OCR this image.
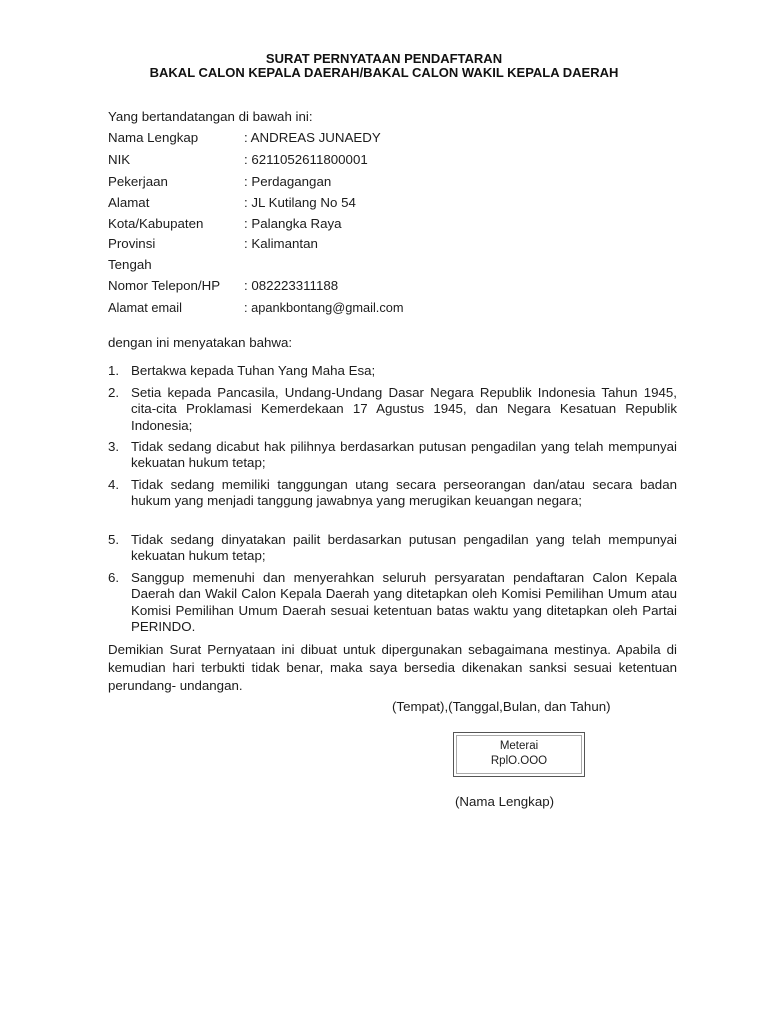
SURAT PERNYATAAN PENDAFTARAN
BAKAL CALON KEPALA DAERAH/BAKAL CALON WAKIL KEPALA DAERAH
Yang bertandatangan di bawah ini:
Nama Lengkap	: ANDREAS JUNAEDY
NIK	: 6211052611800001
Pekerjaan	: Perdagangan
Alamat	: JL Kutilang No 54
Kota/Kabupaten	: Palangka Raya
Provinsi	: Kalimantan
Tengah
Nomor Telepon/HP : 082223311188
Alamat email	: apankbontang@gmail.com
dengan ini menyatakan bahwa:
1. Bertakwa kepada Tuhan Yang Maha Esa;
2. Setia kepada Pancasila, Undang-Undang Dasar Negara Republik Indonesia Tahun 1945, cita-cita Proklamasi Kemerdekaan 17 Agustus 1945, dan Negara Kesatuan Republik Indonesia;
3. Tidak sedang dicabut hak pilihnya berdasarkan putusan pengadilan yang telah mempunyai kekuatan hukum tetap;
4. Tidak sedang memiliki tanggungan utang secara perseorangan dan/atau secara badan hukum yang menjadi tanggung jawabnya yang merugikan keuangan negara;
5. Tidak sedang dinyatakan pailit berdasarkan putusan pengadilan yang telah mempunyai kekuatan hukum tetap;
6. Sanggup memenuhi dan menyerahkan seluruh persyaratan pendaftaran Calon Kepala Daerah dan Wakil Calon Kepala Daerah yang ditetapkan oleh Komisi Pemilihan Umum atau Komisi Pemilihan Umum Daerah sesuai ketentuan batas waktu yang ditetapkan oleh Partai PERINDO.
Demikian Surat Pernyataan ini dibuat untuk dipergunakan sebagaimana mestinya. Apabila di kemudian hari terbukti tidak benar, maka saya bersedia dikenakan sanksi sesuai ketentuan perundang- undangan.
(Tempat),(Tanggal,Bulan, dan Tahun)
Meterai
RplO.OOO
(Nama Lengkap)
